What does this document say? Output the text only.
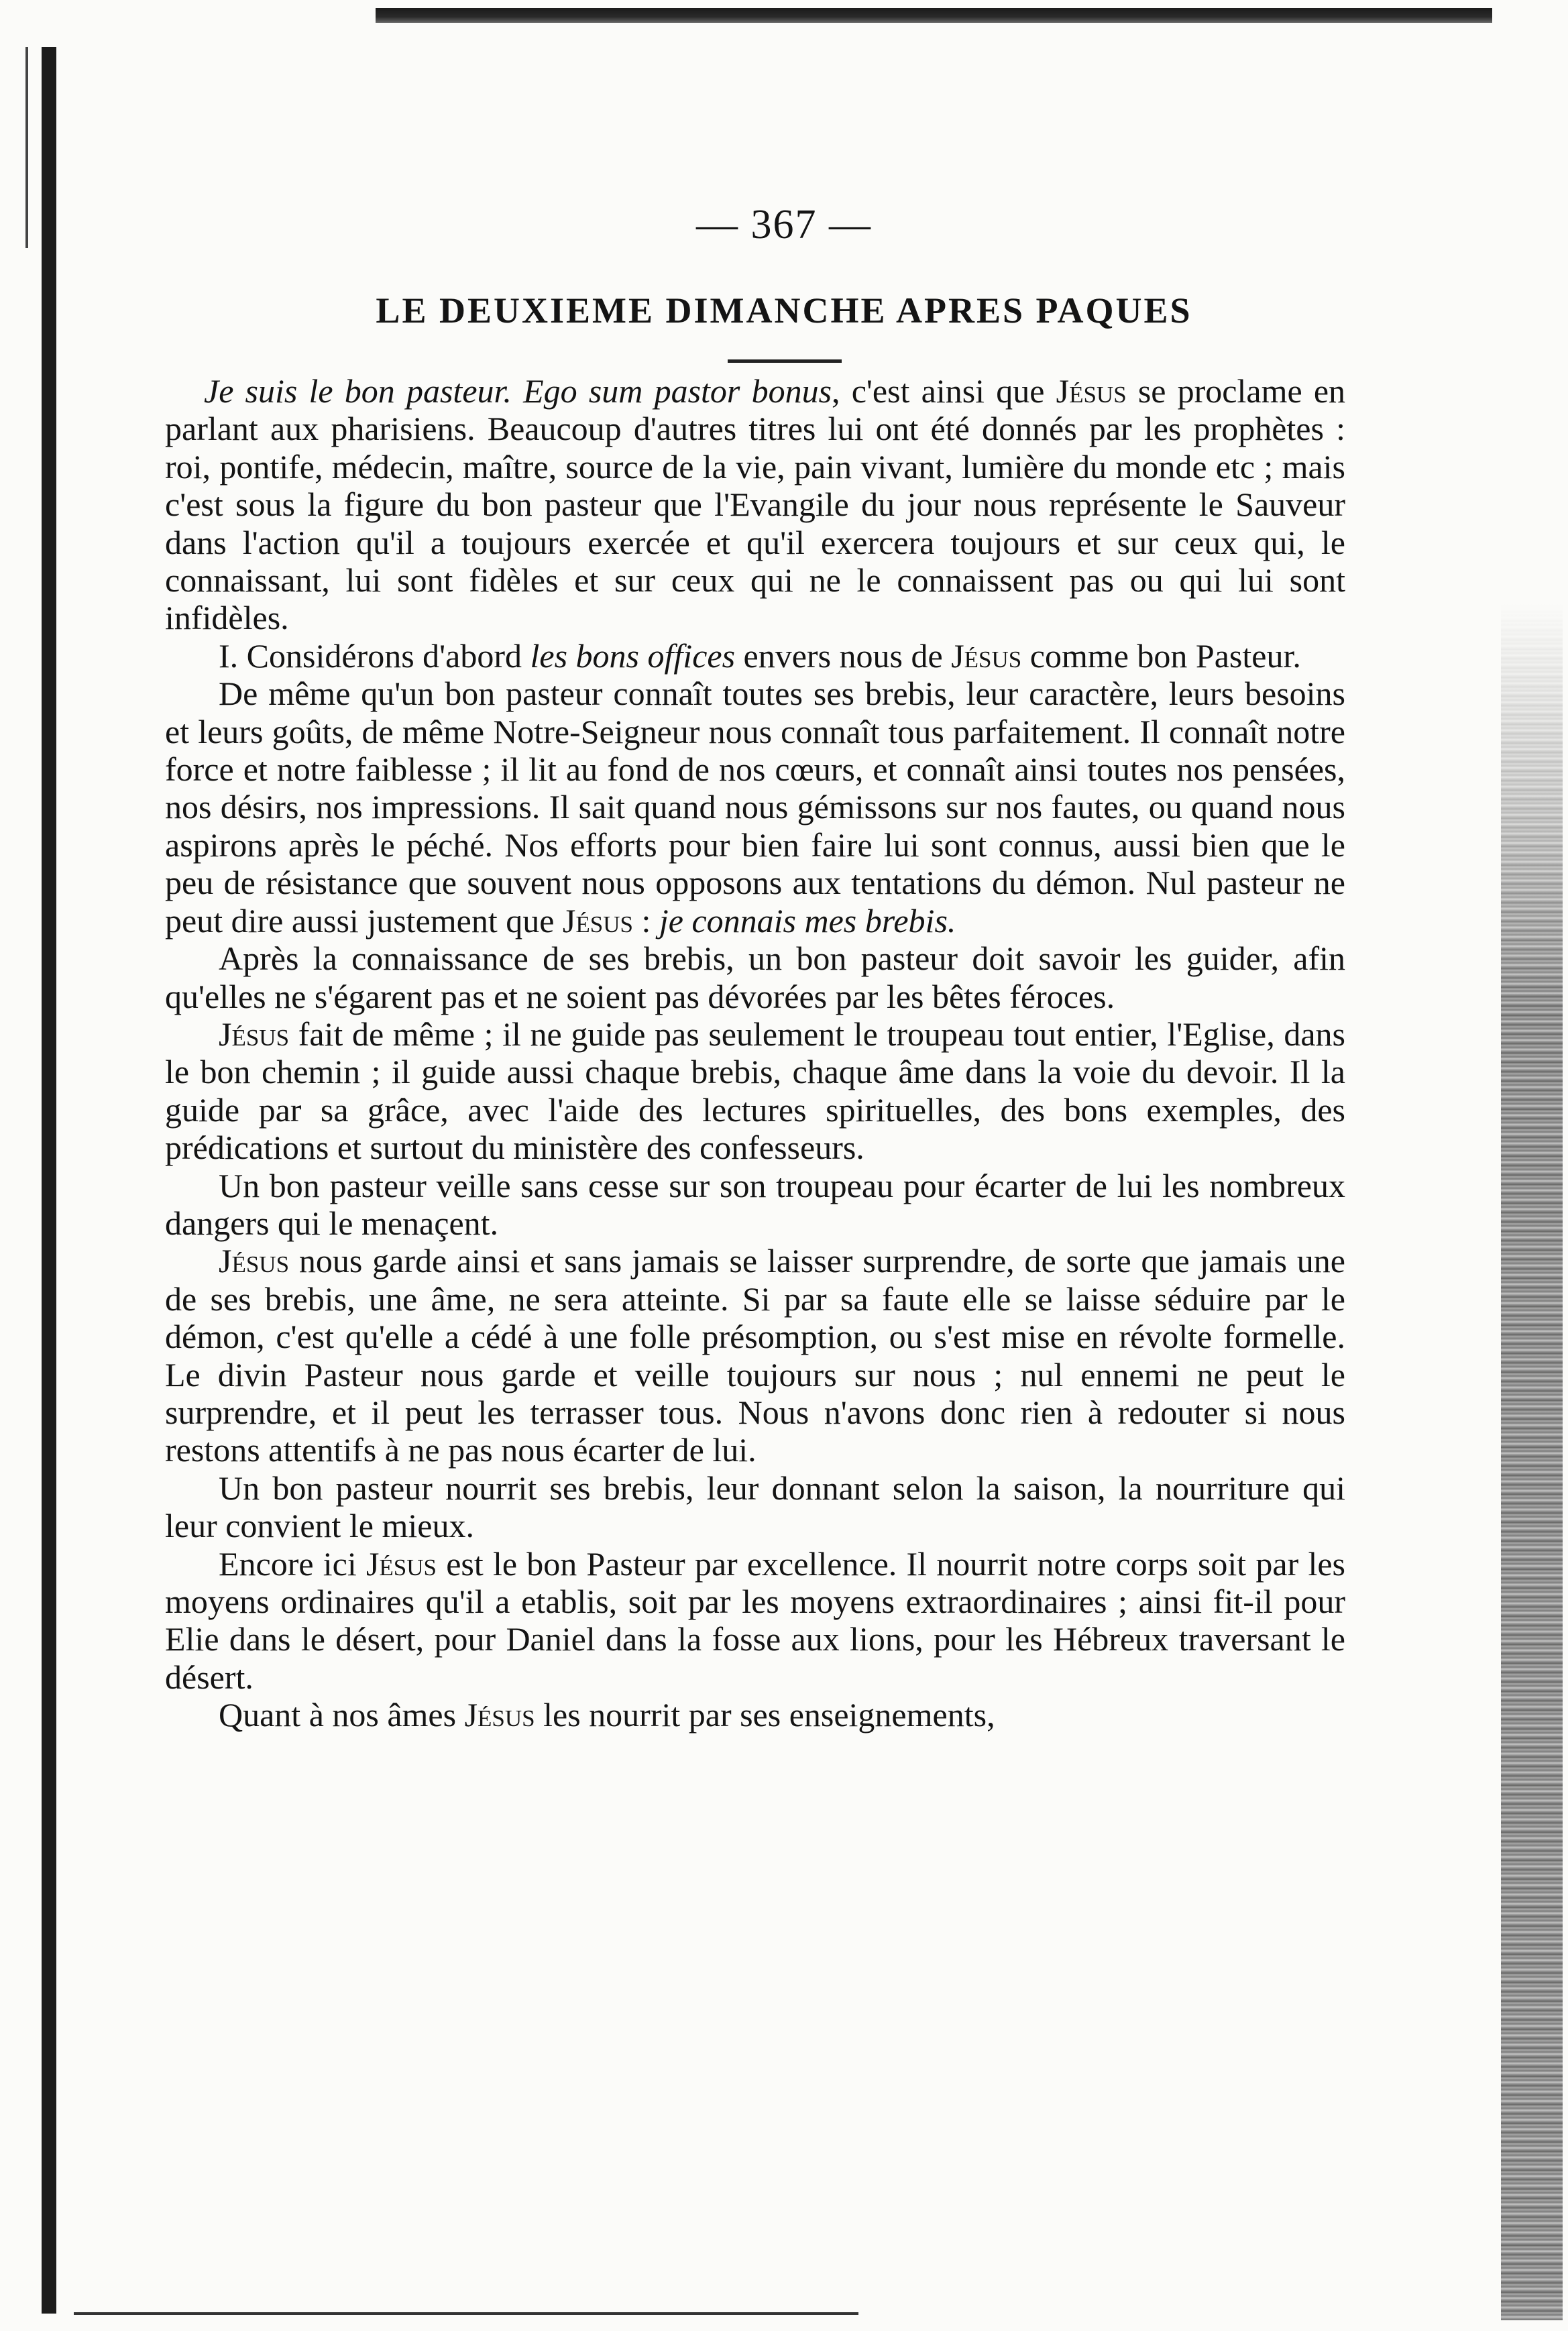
— 367 —
LE DEUXIEME DIMANCHE APRES PAQUES

Je suis le bon pasteur. Ego sum pastor bonus, c'est ainsi que Jésus se proclame en parlant aux pharisiens. Beaucoup d'autres titres lui ont été donnés par les prophètes : roi, pontife, médecin, maître, source de la vie, pain vivant, lumière du monde etc ; mais c'est sous la figure du bon pasteur que l'Evangile du jour nous représente le Sauveur dans l'action qu'il a toujours exercée et qu'il exercera toujours et sur ceux qui, le connaissant, lui sont fidèles et sur ceux qui ne le connaissent pas ou qui lui sont infidèles.

I. Considérons d'abord les bons offices envers nous de Jésus comme bon Pasteur.

De même qu'un bon pasteur connaît toutes ses brebis, leur caractère, leurs besoins et leurs goûts, de même Notre-Seigneur nous connaît tous parfaitement. Il connaît notre force et notre faiblesse ; il lit au fond de nos cœurs, et connaît ainsi toutes nos pensées, nos désirs, nos impressions. Il sait quand nous gémissons sur nos fautes, ou quand nous aspirons après le péché. Nos efforts pour bien faire lui sont connus, aussi bien que le peu de résistance que souvent nous opposons aux tentations du démon. Nul pasteur ne peut dire aussi justement que Jésus : je connais mes brebis.

Après la connaissance de ses brebis, un bon pasteur doit savoir les guider, afin qu'elles ne s'égarent pas et ne soient pas dévorées par les bêtes féroces.

Jésus fait de même ; il ne guide pas seulement le troupeau tout entier, l'Eglise, dans le bon chemin ; il guide aussi chaque brebis, chaque âme dans la voie du devoir. Il la guide par sa grâce, avec l'aide des lectures spirituelles, des bons exemples, des prédications et surtout du ministère des confesseurs.

Un bon pasteur veille sans cesse sur son troupeau pour écarter de lui les nombreux dangers qui le menaçent.

Jésus nous garde ainsi et sans jamais se laisser surprendre, de sorte que jamais une de ses brebis, une âme, ne sera atteinte. Si par sa faute elle se laisse séduire par le démon, c'est qu'elle a cédé à une folle présomption, ou s'est mise en révolte formelle. Le divin Pasteur nous garde et veille toujours sur nous ; nul ennemi ne peut le surprendre, et il peut les terrasser tous. Nous n'avons donc rien à redouter si nous restons attentifs à ne pas nous écarter de lui.

Un bon pasteur nourrit ses brebis, leur donnant selon la saison, la nourriture qui leur convient le mieux.

Encore ici Jésus est le bon Pasteur par excellence. Il nourrit notre corps soit par les moyens ordinaires qu'il a etablis, soit par les moyens extraordinaires ; ainsi fit-il pour Elie dans le désert, pour Daniel dans la fosse aux lions, pour les Hébreux traversant le désert.

Quant à nos âmes Jésus les nourrit par ses enseignements,
